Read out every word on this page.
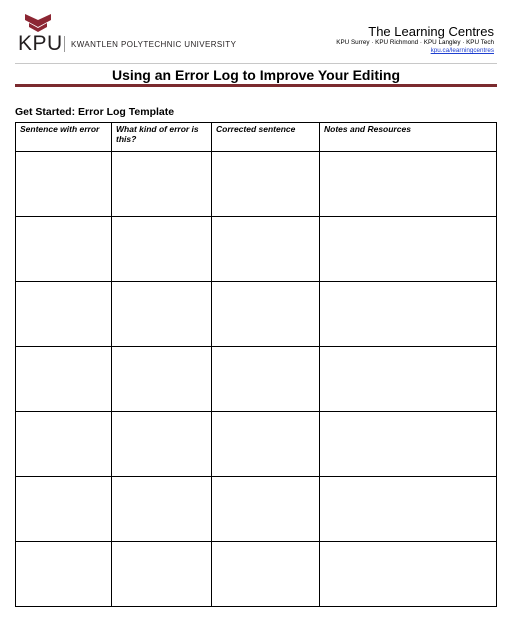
KPU KWANTLEN POLYTECHNIC UNIVERSITY
The Learning Centres
KPU Surrey · KPU Richmond · KPU Langley · KPU Tech
kpu.ca/learningcentres
Using an Error Log to Improve Your Editing
Get Started: Error Log Template
Sentence with error	What kind of error is this?	Corrected sentence	Notes and Resources
